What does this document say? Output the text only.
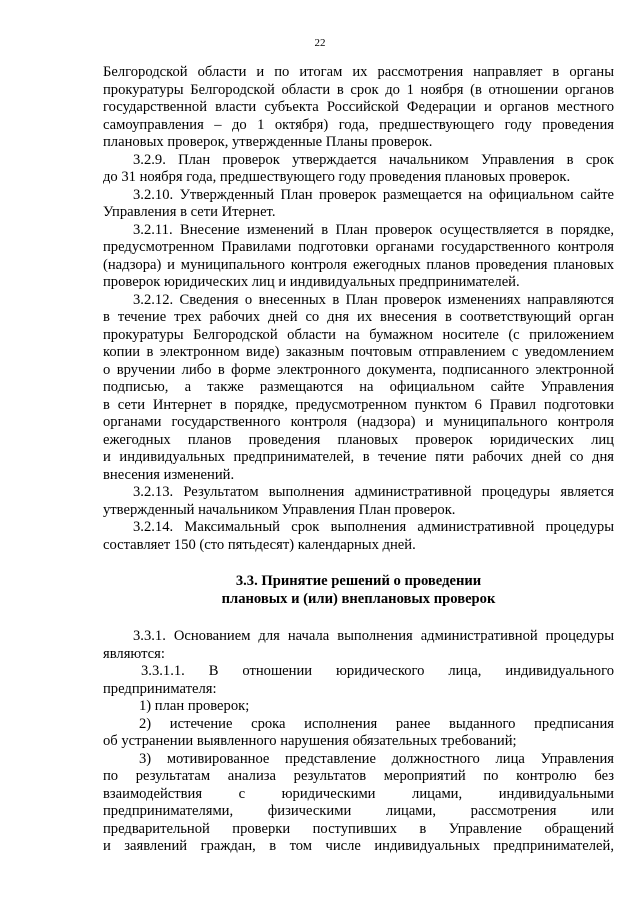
22
Белгородской области и по итогам их рассмотрения направляет в органы
прокуратуры Белгородской области в срок до 1 ноября (в отношении органов
государственной власти субъекта Российской Федерации и органов местного
самоуправления – до 1 октября) года, предшествующего году проведения
плановых проверок, утвержденные Планы проверок.
3.2.9. План проверок утверждается начальником Управления в срок
до 31 ноября года, предшествующего году проведения плановых проверок.
3.2.10. Утвержденный План проверок размещается на официальном сайте
Управления в сети Итернет.
3.2.11. Внесение изменений в План проверок осуществляется в порядке,
предусмотренном Правилами подготовки органами государственного контроля
(надзора) и муниципального контроля ежегодных планов проведения плановых
проверок юридических лиц и индивидуальных предпринимателей.
3.2.12. Сведения о внесенных в План проверок изменениях направляются
в течение трех рабочих дней со дня их внесения в соответствующий орган
прокуратуры Белгородской области на бумажном носителе (с приложением
копии в электронном виде) заказным почтовым отправлением с уведомлением
о вручении либо в форме электронного документа, подписанного электронной
подписью, а также размещаются на официальном сайте Управления
в сети Интернет в порядке, предусмотренном пунктом 6 Правил подготовки
органами государственного контроля (надзора) и муниципального контроля
ежегодных планов проведения плановых проверок юридических лиц
и индивидуальных предпринимателей, в течение пяти рабочих дней со дня
внесения изменений.
3.2.13. Результатом выполнения административной процедуры является
утвержденный начальником Управления План проверок.
3.2.14. Максимальный срок выполнения административной процедуры
составляет 150 (сто пятьдесят) календарных дней.
3.3. Принятие решений о проведении
плановых и (или) внеплановых проверок
3.3.1. Основанием для начала выполнения административной процедуры
являются:
3.3.1.1. В отношении юридического лица, индивидуального
предпринимателя:
1) план проверок;
2) истечение срока исполнения ранее выданного предписания
об устранении выявленного нарушения обязательных требований;
3) мотивированное представление должностного лица Управления
по результатам анализа результатов мероприятий по контролю без
взаимодействия с юридическими лицами, индивидуальными
предпринимателями, физическими лицами, рассмотрения или
предварительной проверки поступивших в Управление обращений
и заявлений граждан, в том числе индивидуальных предпринимателей,
